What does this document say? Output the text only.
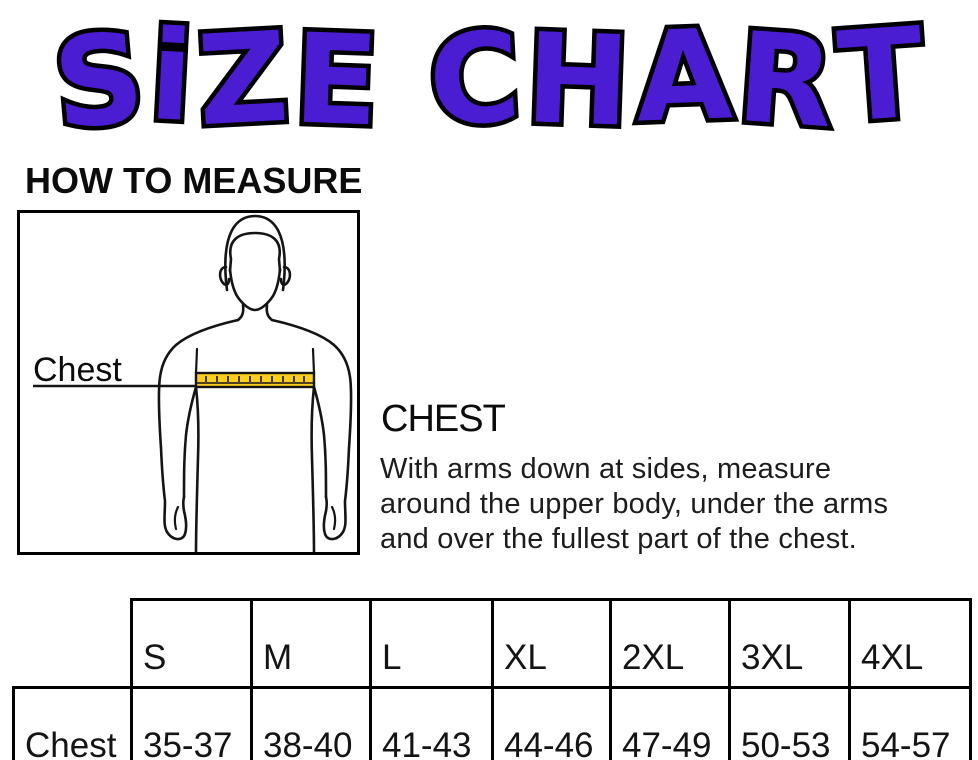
S
i
Z E
C H A
R
T
HOW TO MEASURE
Chest
CHEST
With arms down at sides, measure
around the upper body, under the arms
and over the fullest part of the chest.
	S	M	L	XL	2XL	3XL	4XL
Chest	35-37	38-40	41-43	44-46	47-49	50-53	54-57
